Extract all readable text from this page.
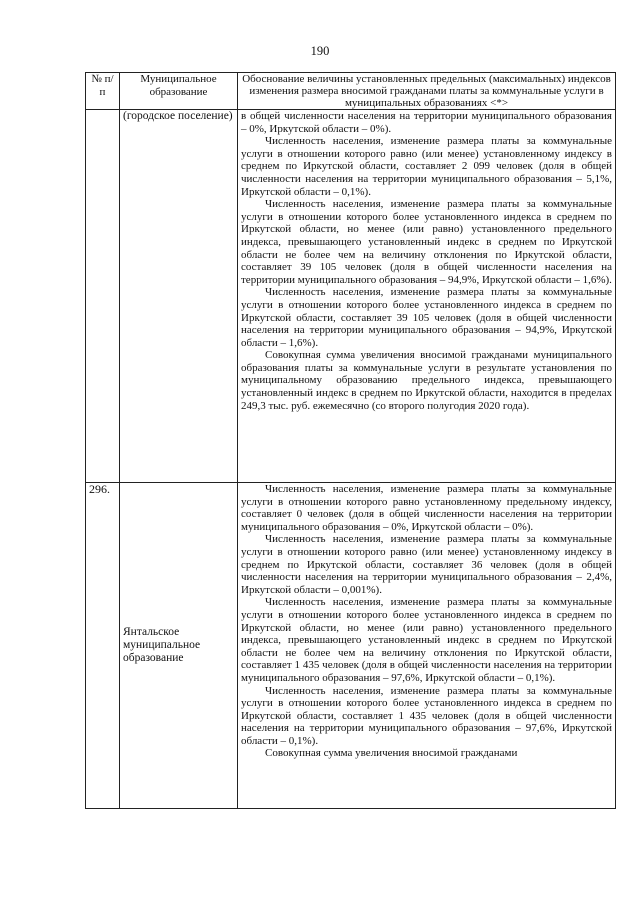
190
№ п/п	Муниципальное образование	Обоснование величины установленных предельных (максимальных) индексов изменения размера вносимой гражданами платы за коммунальные услуги в муниципальных образованиях <*>
	(городское поселение)	в общей численности населения на территории муниципального образования – 0%, Иркутской области – 0%).

Численность населения, изменение размера платы за коммунальные услуги в отношении которого равно (или менее) установленному индексу в среднем по Иркутской области, составляет 2 099 человек (доля в общей численности населения на территории муниципального образования – 5,1%, Иркутской области – 0,1%).

Численность населения, изменение размера платы за коммунальные услуги в отношении которого более установленного индекса в среднем по Иркутской области, но менее (или равно) установленного предельного индекса, превышающего установленный индекс в среднем по Иркутской области не более чем на величину отклонения по Иркутской области, составляет 39 105 человек (доля в общей численности населения на территории муниципального образования – 94,9%, Иркутской области – 1,6%).

Численность населения, изменение размера платы за коммунальные услуги в отношении которого более установленного индекса в среднем по Иркутской области, составляет 39 105 человек (доля в общей численности населения на территории муниципального образования – 94,9%, Иркутской области – 1,6%).

Совокупная сумма увеличения вносимой гражданами муниципального образования платы за коммунальные услуги в результате установления по муниципальному образованию предельного индекса, превышающего установленный индекс в среднем по Иркутской области, находится в пределах 249,3 тыс. руб. ежемесячно (со второго полугодия 2020 года).

296.	Янтальское муниципальное образование	Численность населения, изменение размера платы за коммунальные услуги в отношении которого равно установленному предельному индексу, составляет 0 человек (доля в общей численности населения на территории муниципального образования – 0%, Иркутской области – 0%).

Численность населения, изменение размера платы за коммунальные услуги в отношении которого равно (или менее) установленному индексу в среднем по Иркутской области, составляет 36 человек (доля в общей численности населения на территории муниципального образования – 2,4%, Иркутской области – 0,001%).

Численность населения, изменение размера платы за коммунальные услуги в отношении которого более установленного индекса в среднем по Иркутской области, но менее (или равно) установленного предельного индекса, превышающего установленный индекс в среднем по Иркутской области не более чем на величину отклонения по Иркутской области, составляет 1 435 человек (доля в общей численности населения на территории муниципального образования – 97,6%, Иркутской области – 0,1%).

Численность населения, изменение размера платы за коммунальные услуги в отношении которого более установленного индекса в среднем по Иркутской области, составляет 1 435 человек (доля в общей численности населения на территории муниципального образования – 97,6%, Иркутской области – 0,1%).

Совокупная сумма увеличения вносимой гражданами
